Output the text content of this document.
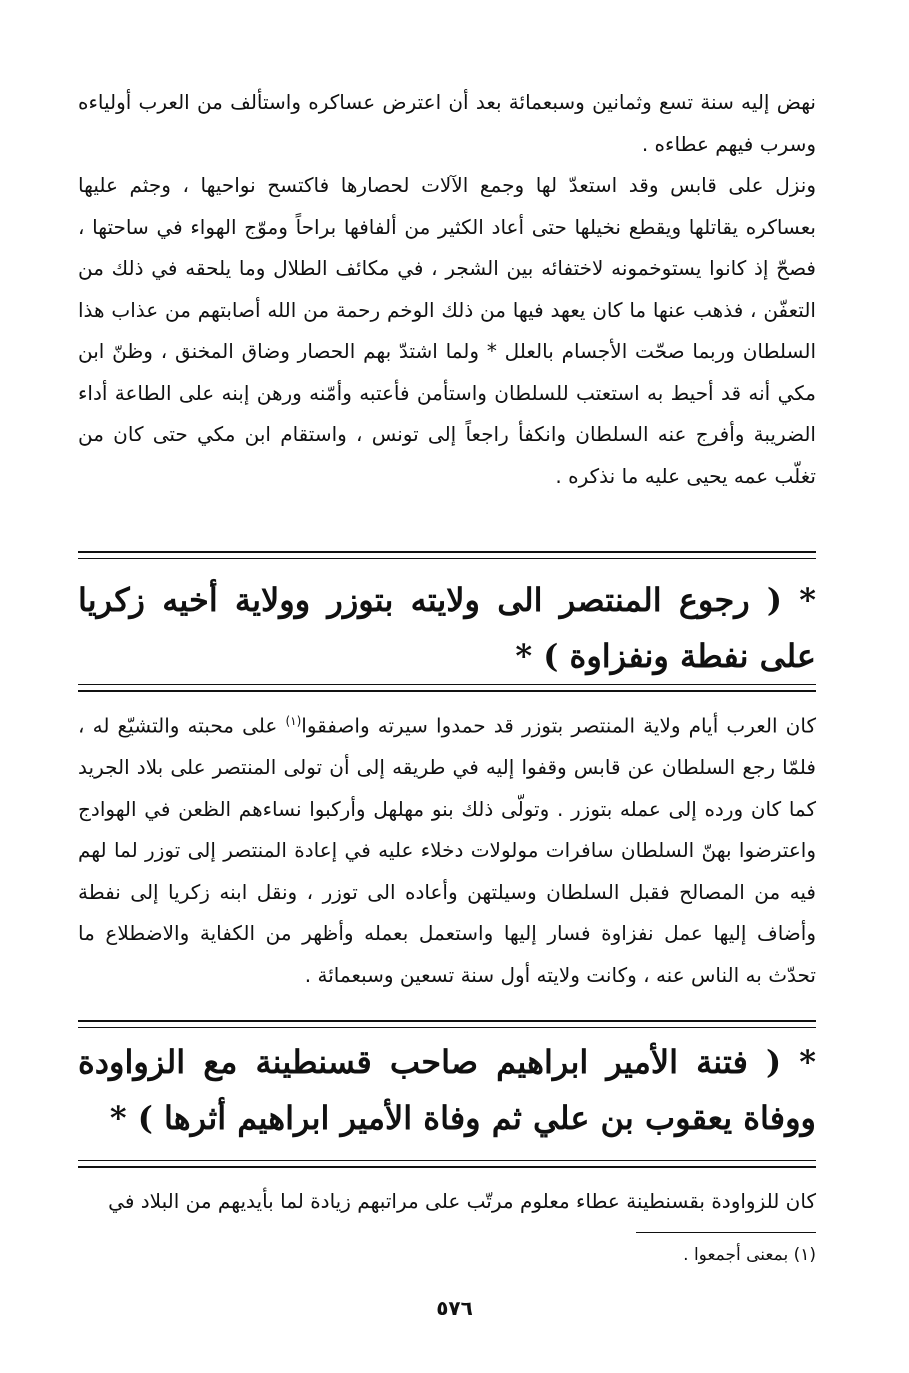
نهض إليه سنة تسع وثمانين وسبعمائة بعد أن اعترض عساكره واستألف من العرب أولياءه وسرب فيهم عطاءه .

ونزل على قابس وقد استعدّ لها وجمع الآلات لحصارها فاكتسح نواحيها ، وجثم عليها بعساكره يقاتلها ويقطع نخيلها حتى أعاد الكثير من ألفافها براحاً وموّج الهواء في ساحتها ، فصحّ إذ كانوا يستوخمونه لاختفائه بين الشجر ، في مكائف الطلال وما يلحقه في ذلك من التعفّن ، فذهب عنها ما كان يعهد فيها من ذلك الوخم رحمة من الله أصابتهم من عذاب هذا السلطان وربما صحّت الأجسام بالعلل * ولما اشتدّ بهم الحصار وضاق المخنق ، وظنّ ابن مكي أنه قد أحيط به استعتب للسلطان واستأمن فأعتبه وأمّنه ورهن إبنه على الطاعة أداء الضريبة وأفرج عنه السلطان وانكفأ راجعاً إلى تونس ، واستقام ابن مكي حتى كان من تغلّب عمه يحيى عليه ما نذكره .

* ( رجوع المنتصر الى ولايته بتوزر وولاية أخيه زكريا على نفطة ونفزاوة ) *

كان العرب أيام ولاية المنتصر بتوزر قد حمدوا سيرته واصفقوا$^{(١)}$ على محبته والتشيّع له ، فلمّا رجع السلطان عن قابس وقفوا إليه في طريقه إلى أن تولى المنتصر على بلاد الجريد كما كان ورده إلى عمله بتوزر . وتولّى ذلك بنو مهلهل وأركبوا نساءهم الظعن في الهوادج واعترضوا بهنّ السلطان سافرات مولولات دخلاء عليه في إعادة المنتصر إلى توزر لما لهم فيه من المصالح فقبل السلطان وسيلتهن وأعاده الى توزر ، ونقل ابنه زكريا إلى نفطة وأضاف إليها عمل نفزاوة فسار إليها واستعمل بعمله وأظهر من الكفاية والاضطلاع ما تحدّث به الناس عنه ، وكانت ولايته أول سنة تسعين وسبعمائة .

* ( فتنة الأمير ابراهيم صاحب قسنطينة مع الزواودة ووفاة يعقوب بن علي ثم وفاة الأمير ابراهيم أثرها ) *

كان للزواودة بقسنطينة عطاء معلوم مرتّب على مراتبهم زيادة لما بأيديهم من البلاد في

(١) بمعنى أجمعوا .
٥٧٦
